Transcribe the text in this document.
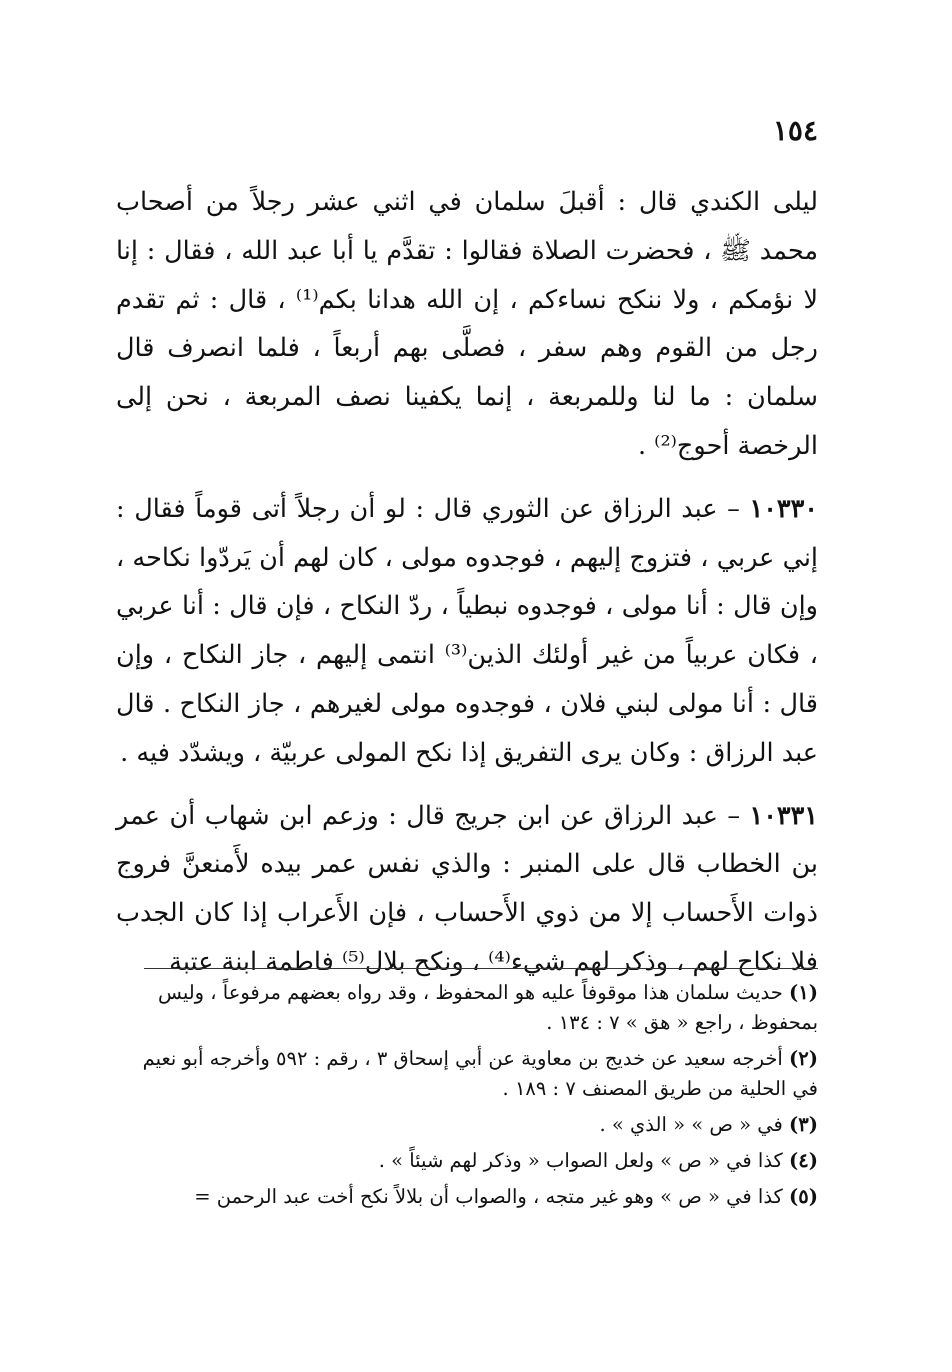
١٥٤

ليلى الكندي قال : أقبلَ سلمان في اثني عشر رجلاً من أصحاب محمد ﷺ ، فحضرت الصلاة فقالوا : تقدَّم يا أبا عبد الله ، فقال : إنا لا نؤمكم ، ولا ننكح نساءكم ، إن الله هدانا بكم⁽¹⁾ ، قال : ثم تقدم رجل من القوم وهم سفر ، فصلَّى بهم أربعاً ، فلما انصرف قال سلمان : ما لنا وللمربعة ، إنما يكفينا نصف المربعة ، نحن إلى الرخصة أحوج⁽²⁾ .

١٠٣٣٠ – عبد الرزاق عن الثوري قال : لو أن رجلاً أتى قوماً فقال : إني عربي ، فتزوج إليهم ، فوجدوه مولى ، كان لهم أن يَردّوا نكاحه ، وإن قال : أنا مولى ، فوجدوه نبطياً ، ردّ النكاح ، فإن قال : أنا عربي ، فكان عربياً من غير أولئك الذين⁽³⁾ انتمى إليهم ، جاز النكاح ، وإن قال : أنا مولى لبني فلان ، فوجدوه مولى لغيرهم ، جاز النكاح . قال عبد الرزاق : وكان يرى التفريق إذا نكح المولى عربيّة ، ويشدّد فيه .

١٠٣٣١ – عبد الرزاق عن ابن جريج قال : وزعم ابن شهاب أن عمر بن الخطاب قال على المنبر : والذي نفس عمر بيده لأَمنعنَّ فروج ذوات الأَحساب إلا من ذوي الأَحساب ، فإن الأَعراب إذا كان الجدب فلا نكاح لهم ، وذكر لهم شيء⁽⁴⁾ ، ونكح بلال⁽⁵⁾ فاطمة ابنة عتبة

(١) حديث سلمان هذا موقوفاً عليه هو المحفوظ ، وقد رواه بعضهم مرفوعاً ، وليس بمحفوظ ، راجع « هق » ٧ : ١٣٤ .

(٢) أخرجه سعيد عن خديج بن معاوية عن أبي إسحاق ٣ ، رقم : ٥٩٢ وأخرجه أبو نعيم في الحلية من طريق المصنف ٧ : ١٨٩ .

(٣) في « ص » « الذي » .

(٤) كذا في « ص » ولعل الصواب « وذكر لهم شيئاً » .

(٥) كذا في « ص » وهو غير متجه ، والصواب أن بلالاً نكح أخت عبد الرحمن =
